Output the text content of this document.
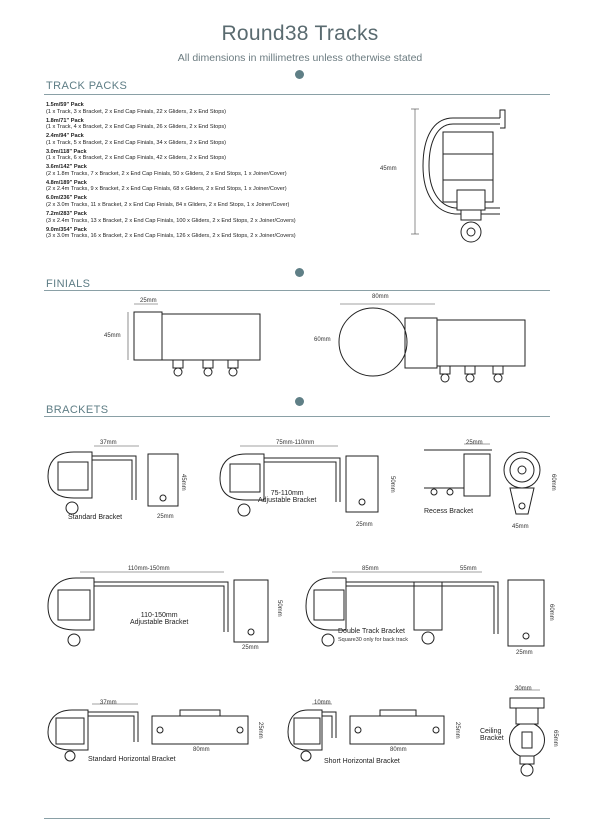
Round38 Tracks
All dimensions in millimetres unless otherwise stated
TRACK PACKS
1.5m/59" Pack
(1 x Track, 3 x Bracket, 2 x End Cap Finials, 22 x Gliders, 2 x End Stops)
1.8m/71" Pack
(1 x Track, 4 x Bracket, 2 x End Cap Finials, 26 x Gliders, 2 x End Stops)
2.4m/94" Pack
(1 x Track, 5 x Bracket, 2 x End Cap Finials, 34 x Gliders, 2 x End Stops)
3.0m/118" Pack
(1 x Track, 6 x Bracket, 2 x End Cap Finials, 42 x Gliders, 2 x End Stops)
3.6m/142" Pack
(2 x 1.8m Tracks, 7 x Bracket, 2 x End Cap Finials, 50 x Gliders, 2 x End Stops, 1 x Joiner/Cover)
4.8m/189" Pack
(2 x 2.4m Tracks, 9 x Bracket, 2 x End Cap Finials, 68 x Gliders, 2 x End Stops, 1 x Joiner/Cover)
6.0m/236" Pack
(2 x 3.0m Tracks, 11 x Bracket, 2 x End Cap Finials, 84 x Gliders, 2 x End Stops, 1 x Joiner/Cover)
7.2m/283" Pack
(3 x 2.4m Tracks, 13 x Bracket, 2 x End Cap Finials, 100 x Gliders, 2 x End Stops, 2 x Joiner/Covers)
9.0m/354" Pack
(3 x 3.0m Tracks, 16 x Bracket, 2 x End Cap Finials, 126 x Gliders, 2 x End Stops, 2 x Joiner/Covers)
45mm
FINIALS
25mm
45mm
80mm
60mm
BRACKETS
37mm
45mm
25mm
Standard Bracket
75mm-110mm
50mm
25mm
75-110mm
Adjustable Bracket
25mm
60mm
45mm
Recess Bracket
110mm-150mm
50mm
25mm
110-150mm
Adjustable Bracket
85mm	55mm
60mm
25mm
Double Track Bracket
Square30 only for back track
37mm
25mm
80mm
Standard Horizontal Bracket
10mm
25mm
80mm
Short Horizontal Bracket
30mm
65mm
Ceiling
Bracket
